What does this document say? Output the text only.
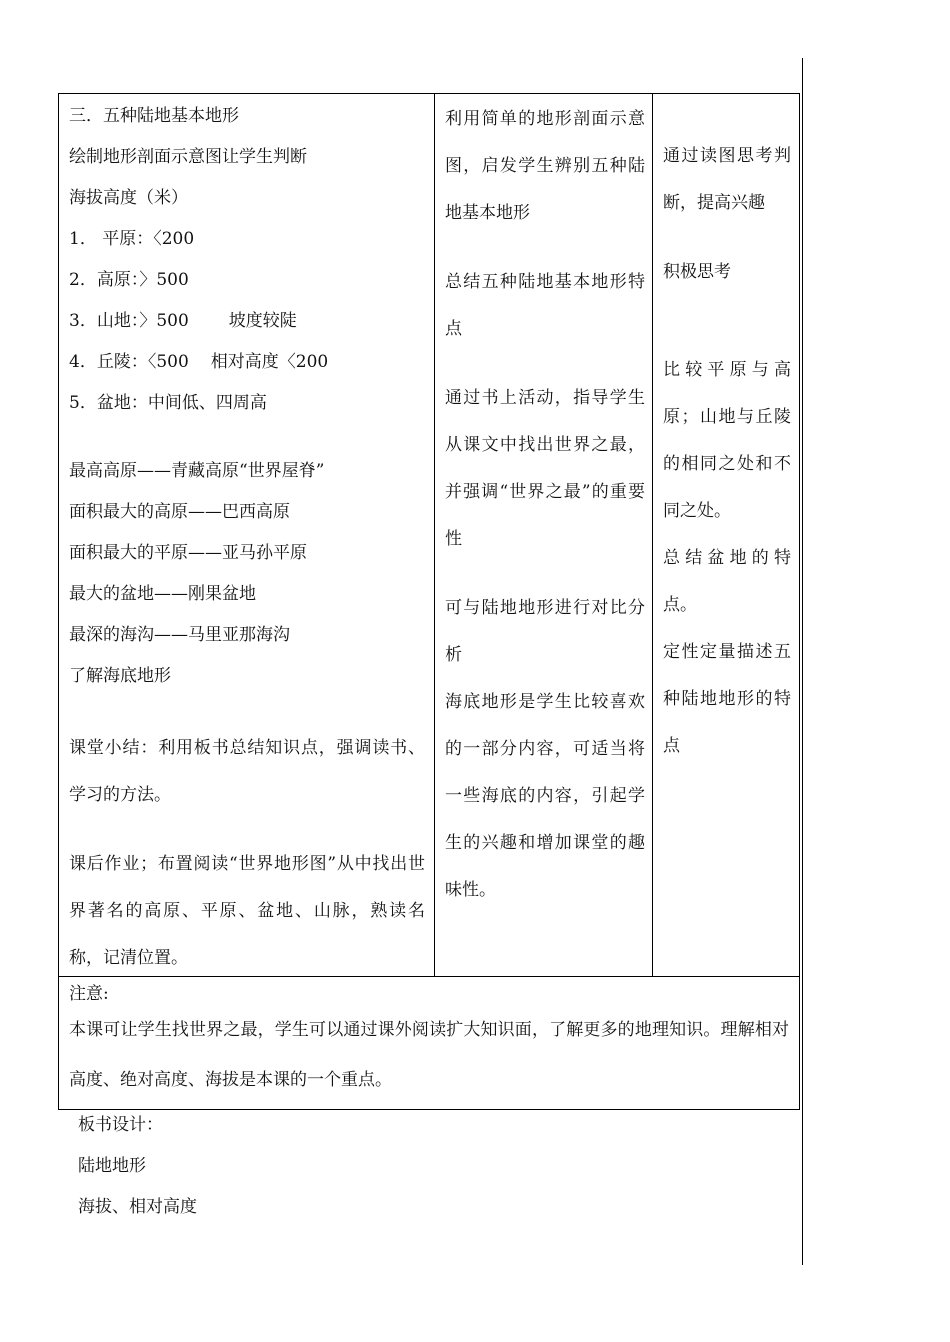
三．五种陆地基本地形
绘制地形剖面示意图让学生判断
海拔高度（米）
1． 平原：〈200
2．高原：〉500
3．山地：〉500 坡度较陡
4．丘陵：〈500 相对高度〈200
5．盆地：中间低、四周高
最高高原——青藏高原“世界屋脊”
面积最大的高原——巴西高原
面积最大的平原——亚马孙平原
最大的盆地——刚果盆地
最深的海沟——马里亚那海沟
了解海底地形
课堂小结：利用板书总结知识点，强调读书、学习的方法。
课后作业；布置阅读“世界地形图”从中找出世界著名的高原、平原、盆地、山脉，熟读名称，记清位置。
利用简单的地形剖面示意图，启发学生辨别五种陆地基本地形
总结五种陆地基本地形特点
通过书上活动，指导学生从课文中找出世界之最，并强调“世界之最”的重要性
可与陆地地形进行对比分析
海底地形是学生比较喜欢的一部分内容，可适当将一些海底的内容，引起学生的兴趣和增加课堂的趣味性。
通过读图思考判断，提高兴趣
积极思考
比较平原与高原；山地与丘陵的相同之处和不同之处。
总结盆地的特点。
定性定量描述五种陆地地形的特点
注意:
本课可让学生找世界之最，学生可以通过课外阅读扩大知识面，了解更多的地理知识。理解相对高度、绝对高度、海拔是本课的一个重点。
板书设计：
陆地地形
海拔、相对高度
